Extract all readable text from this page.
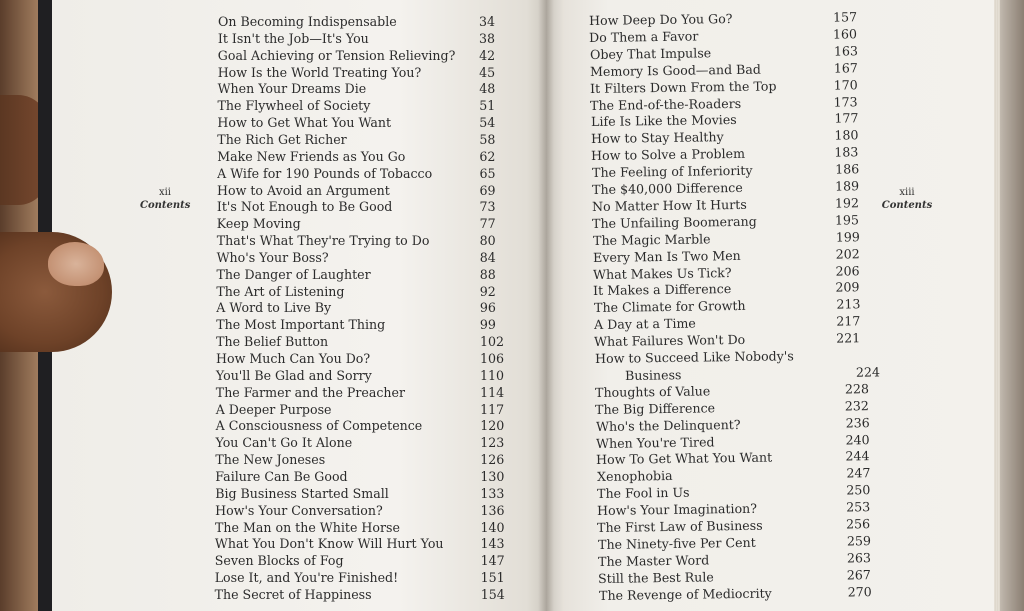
xii
Contents
xiii
Contents
On Becoming Indispensable	34
It Isn't the Job—It's You	38
Goal Achieving or Tension Relieving? 42
How Is the World Treating You?	45
When Your Dreams Die	48
The Flywheel of Society	51
How to Get What You Want	54
The Rich Get Richer	58
Make New Friends as You Go	62
A Wife for 190 Pounds of Tobacco	65
How to Avoid an Argument	69
It's Not Enough to Be Good	73
Keep Moving	77
That's What They're Trying to Do	80
Who's Your Boss?	84
The Danger of Laughter	88
The Art of Listening	92
A Word to Live By	96
The Most Important Thing	99
The Belief Button	102
How Much Can You Do?	106
You'll Be Glad and Sorry	110
The Farmer and the Preacher	114
A Deeper Purpose	117
A Consciousness of Competence	120
You Can't Go It Alone	123
The New Joneses	126
Failure Can Be Good	130
Big Business Started Small	133
How's Your Conversation?	136
The Man on the White Horse	140
What You Don't Know Will Hurt You	143
Seven Blocks of Fog	147
Lose It, and You're Finished!	151
The Secret of Happiness	154
How Deep Do You Go?	157
Do Them a Favor	160
Obey That Impulse	163
Memory Is Good—and Bad	167
It Filters Down From the Top	170
The End-of-the-Roaders	173
Life Is Like the Movies	177
How to Stay Healthy	180
How to Solve a Problem	183
The Feeling of Inferiority	186
The $40,000 Difference	189
No Matter How It Hurts	192
The Unfailing Boomerang	195
The Magic Marble	199
Every Man Is Two Men	202
What Makes Us Tick?	206
It Makes a Difference	209
The Climate for Growth	213
A Day at a Time	217
What Failures Won't Do	221
How to Succeed Like Nobody's
Business	224
Thoughts of Value	228
The Big Difference	232
Who's the Delinquent?	236
When You're Tired	240
How To Get What You Want	244
Xenophobia	247
The Fool in Us	250
How's Your Imagination?	253
The First Law of Business	256
The Ninety-five Per Cent	259
The Master Word	263
Still the Best Rule	267
The Revenge of Mediocrity	270
